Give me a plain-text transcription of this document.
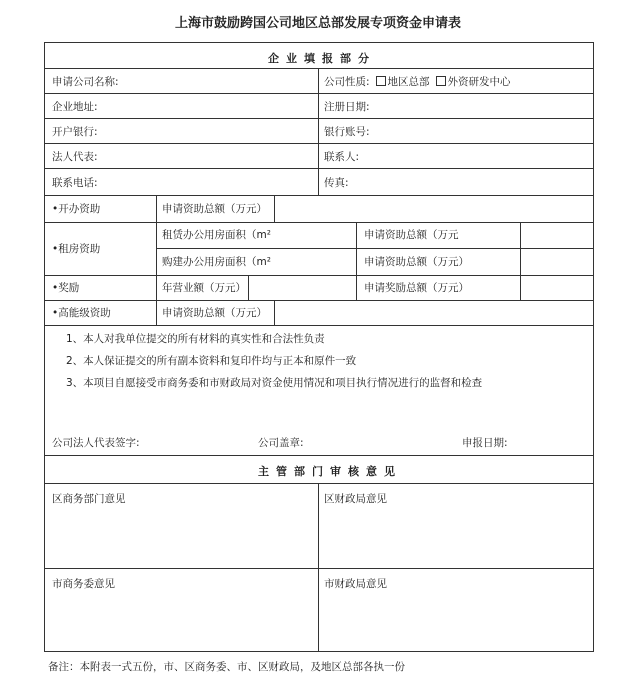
上海市鼓励跨国公司地区总部发展专项资金申请表
企业填报部分
申请公司名称:	公司性质: 地区总部 外资研发中心
企业地址:	注册日期:
开户银行:	银行账号:
法人代表:	联系人:
联系电话:	传真:
•开办资助	申请资助总额（万元）
•租房资助
租赁办公用房面积（m²	申请资助总额（万元
购建办公用房面积（m²	申请资助总额（万元）
•奖励	年营业额（万元）	申请奖励总额（万元）
•高能级资助	申请资助总额（万元）
1、本人对我单位提交的所有材料的真实性和合法性负责
2、本人保证提交的所有副本资料和复印件均与正本和原件一致
3、本项目自愿接受市商务委和市财政局对资金使用情况和项目执行情况进行的监督和检查
公司法人代表签字:	公司盖章:	申报日期:
主管部门审核意见
区商务部门意见	区财政局意见
市商务委意见	市财政局意见
备注：本附表一式五份，市、区商务委、市、区财政局，及地区总部各执一份
